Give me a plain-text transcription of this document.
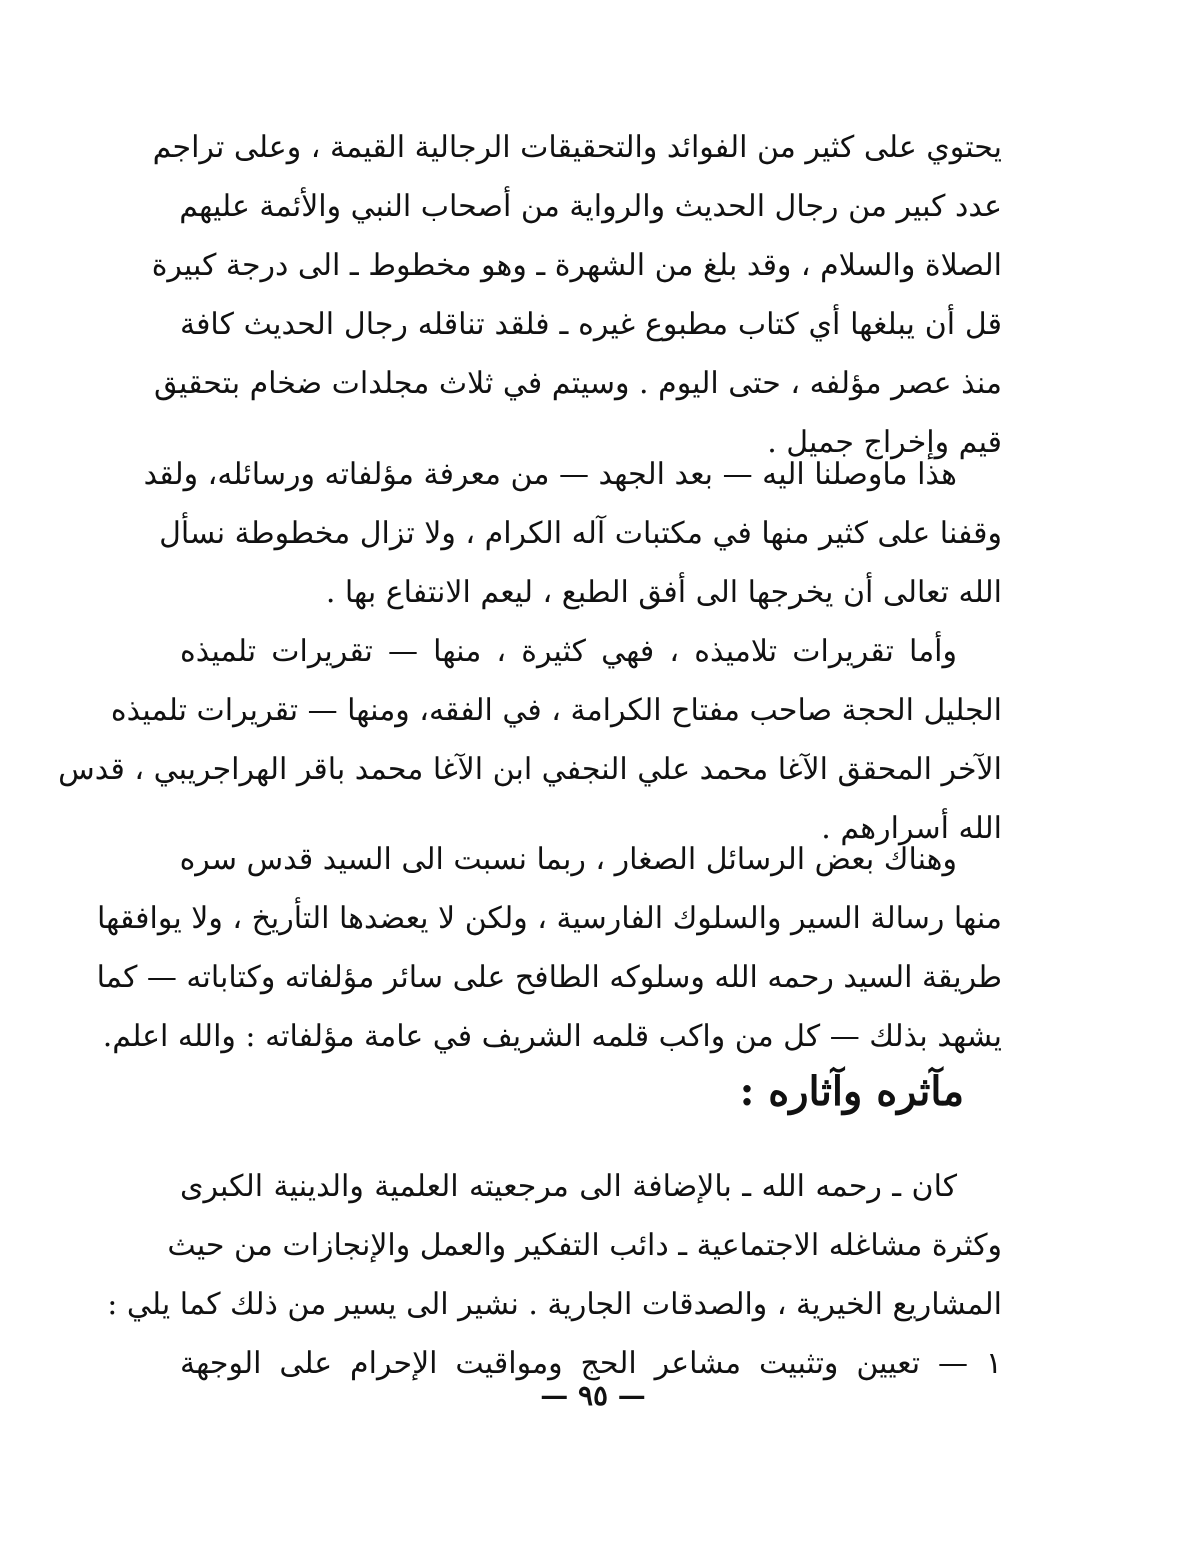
يحتوي على كثير من الفوائد والتحقيقات الرجالية القيمة ، وعلى تراجم
عدد كبير من رجال الحديث والرواية من أصحاب النبي والأئمة عليهم
الصلاة والسلام ، وقد بلغ من الشهرة ـ وهو مخطوط ـ الى درجة كبيرة
قل أن يبلغها أي كتاب مطبوع غيره ـ فلقد تناقله رجال الحديث كافة
منذ عصر مؤلفه ، حتى اليوم . وسيتم في ثلاث مجلدات ضخام بتحقيق
قيم وإخراج جميل .
هذا ماوصلنا اليه — بعد الجهد — من معرفة مؤلفاته ورسائله، ولقد
وقفنا على كثير منها في مكتبات آله الكرام ، ولا تزال مخطوطة نسأل
الله تعالى أن يخرجها الى أفق الطبع ، ليعم الانتفاع بها .
وأما تقريرات تلاميذه ، فهي كثيرة ، منها — تقريرات تلميذه
الجليل الحجة صاحب مفتاح الكرامة ، في الفقه، ومنها — تقريرات تلميذه
الآخر المحقق الآغا محمد علي النجفي ابن الآغا محمد باقر الهراجريبي ، قدس
الله أسرارهم .
وهناك بعض الرسائل الصغار ، ربما نسبت الى السيد قدس سره
منها رسالة السير والسلوك الفارسية ، ولكن لا يعضدها التأريخ ، ولا يوافقها
طريقة السيد رحمه الله وسلوكه الطافح على سائر مؤلفاته وكتاباته — كما
يشهد بذلك — كل من واكب قلمه الشريف في عامة مؤلفاته : والله اعلم.
مآثره وآثاره :
كان ـ رحمه الله ـ بالإضافة الى مرجعيته العلمية والدينية الكبرى
وكثرة مشاغله الاجتماعية ـ دائب التفكير والعمل والإنجازات من حيث
المشاريع الخيرية ، والصدقات الجارية . نشير الى يسير من ذلك كما يلي :
١ — تعيين وتثبيت مشاعر الحج ومواقيت الإحرام على الوجهة
— ٩٥ —
